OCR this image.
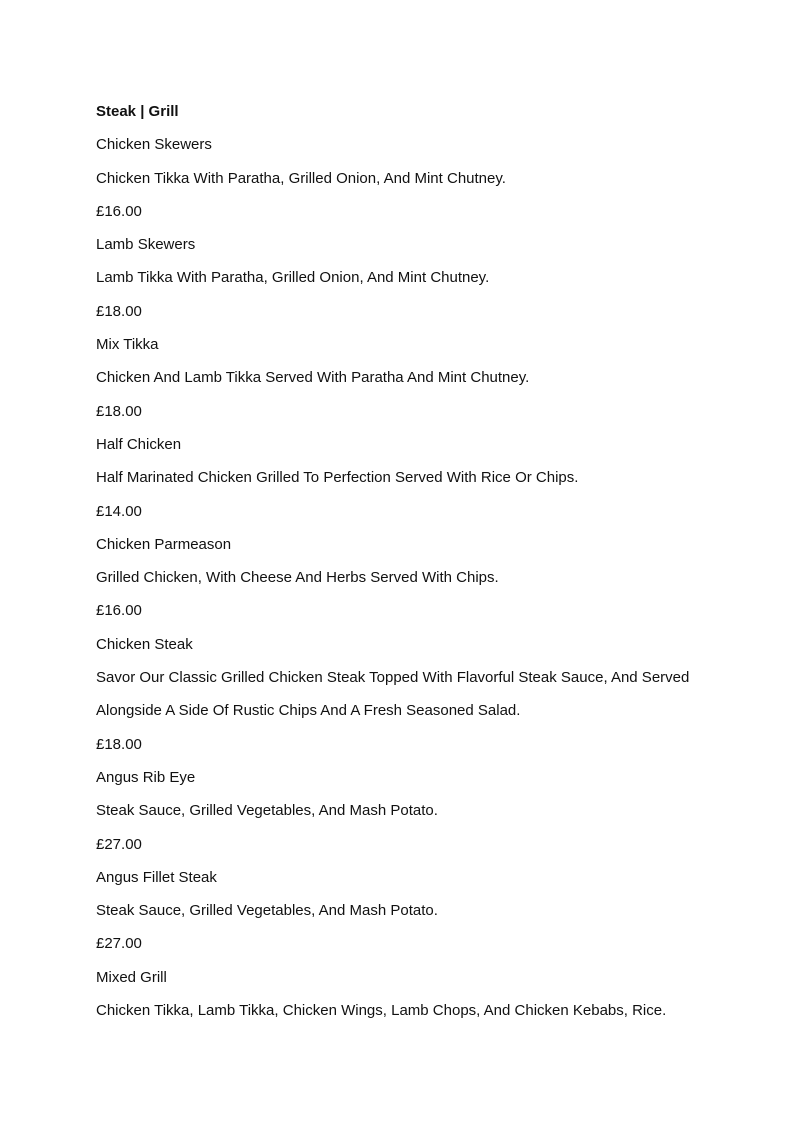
Steak | Grill
Chicken Skewers
Chicken Tikka With Paratha, Grilled Onion, And Mint Chutney.
£16.00
Lamb Skewers
Lamb Tikka With Paratha, Grilled Onion, And Mint Chutney.
£18.00
Mix Tikka
Chicken And Lamb Tikka Served With Paratha And Mint Chutney.
£18.00
Half Chicken
Half Marinated Chicken Grilled To Perfection Served With Rice Or Chips.
£14.00
Chicken Parmeason
Grilled Chicken, With Cheese And Herbs Served With Chips.
£16.00
Chicken Steak
Savor Our Classic Grilled Chicken Steak Topped With Flavorful Steak Sauce, And Served
Alongside A Side Of Rustic Chips And A Fresh Seasoned Salad.
£18.00
Angus Rib Eye
Steak Sauce, Grilled Vegetables, And Mash Potato.
£27.00
Angus Fillet Steak
Steak Sauce, Grilled Vegetables, And Mash Potato.
£27.00
Mixed Grill
Chicken Tikka, Lamb Tikka, Chicken Wings, Lamb Chops, And Chicken Kebabs, Rice.
